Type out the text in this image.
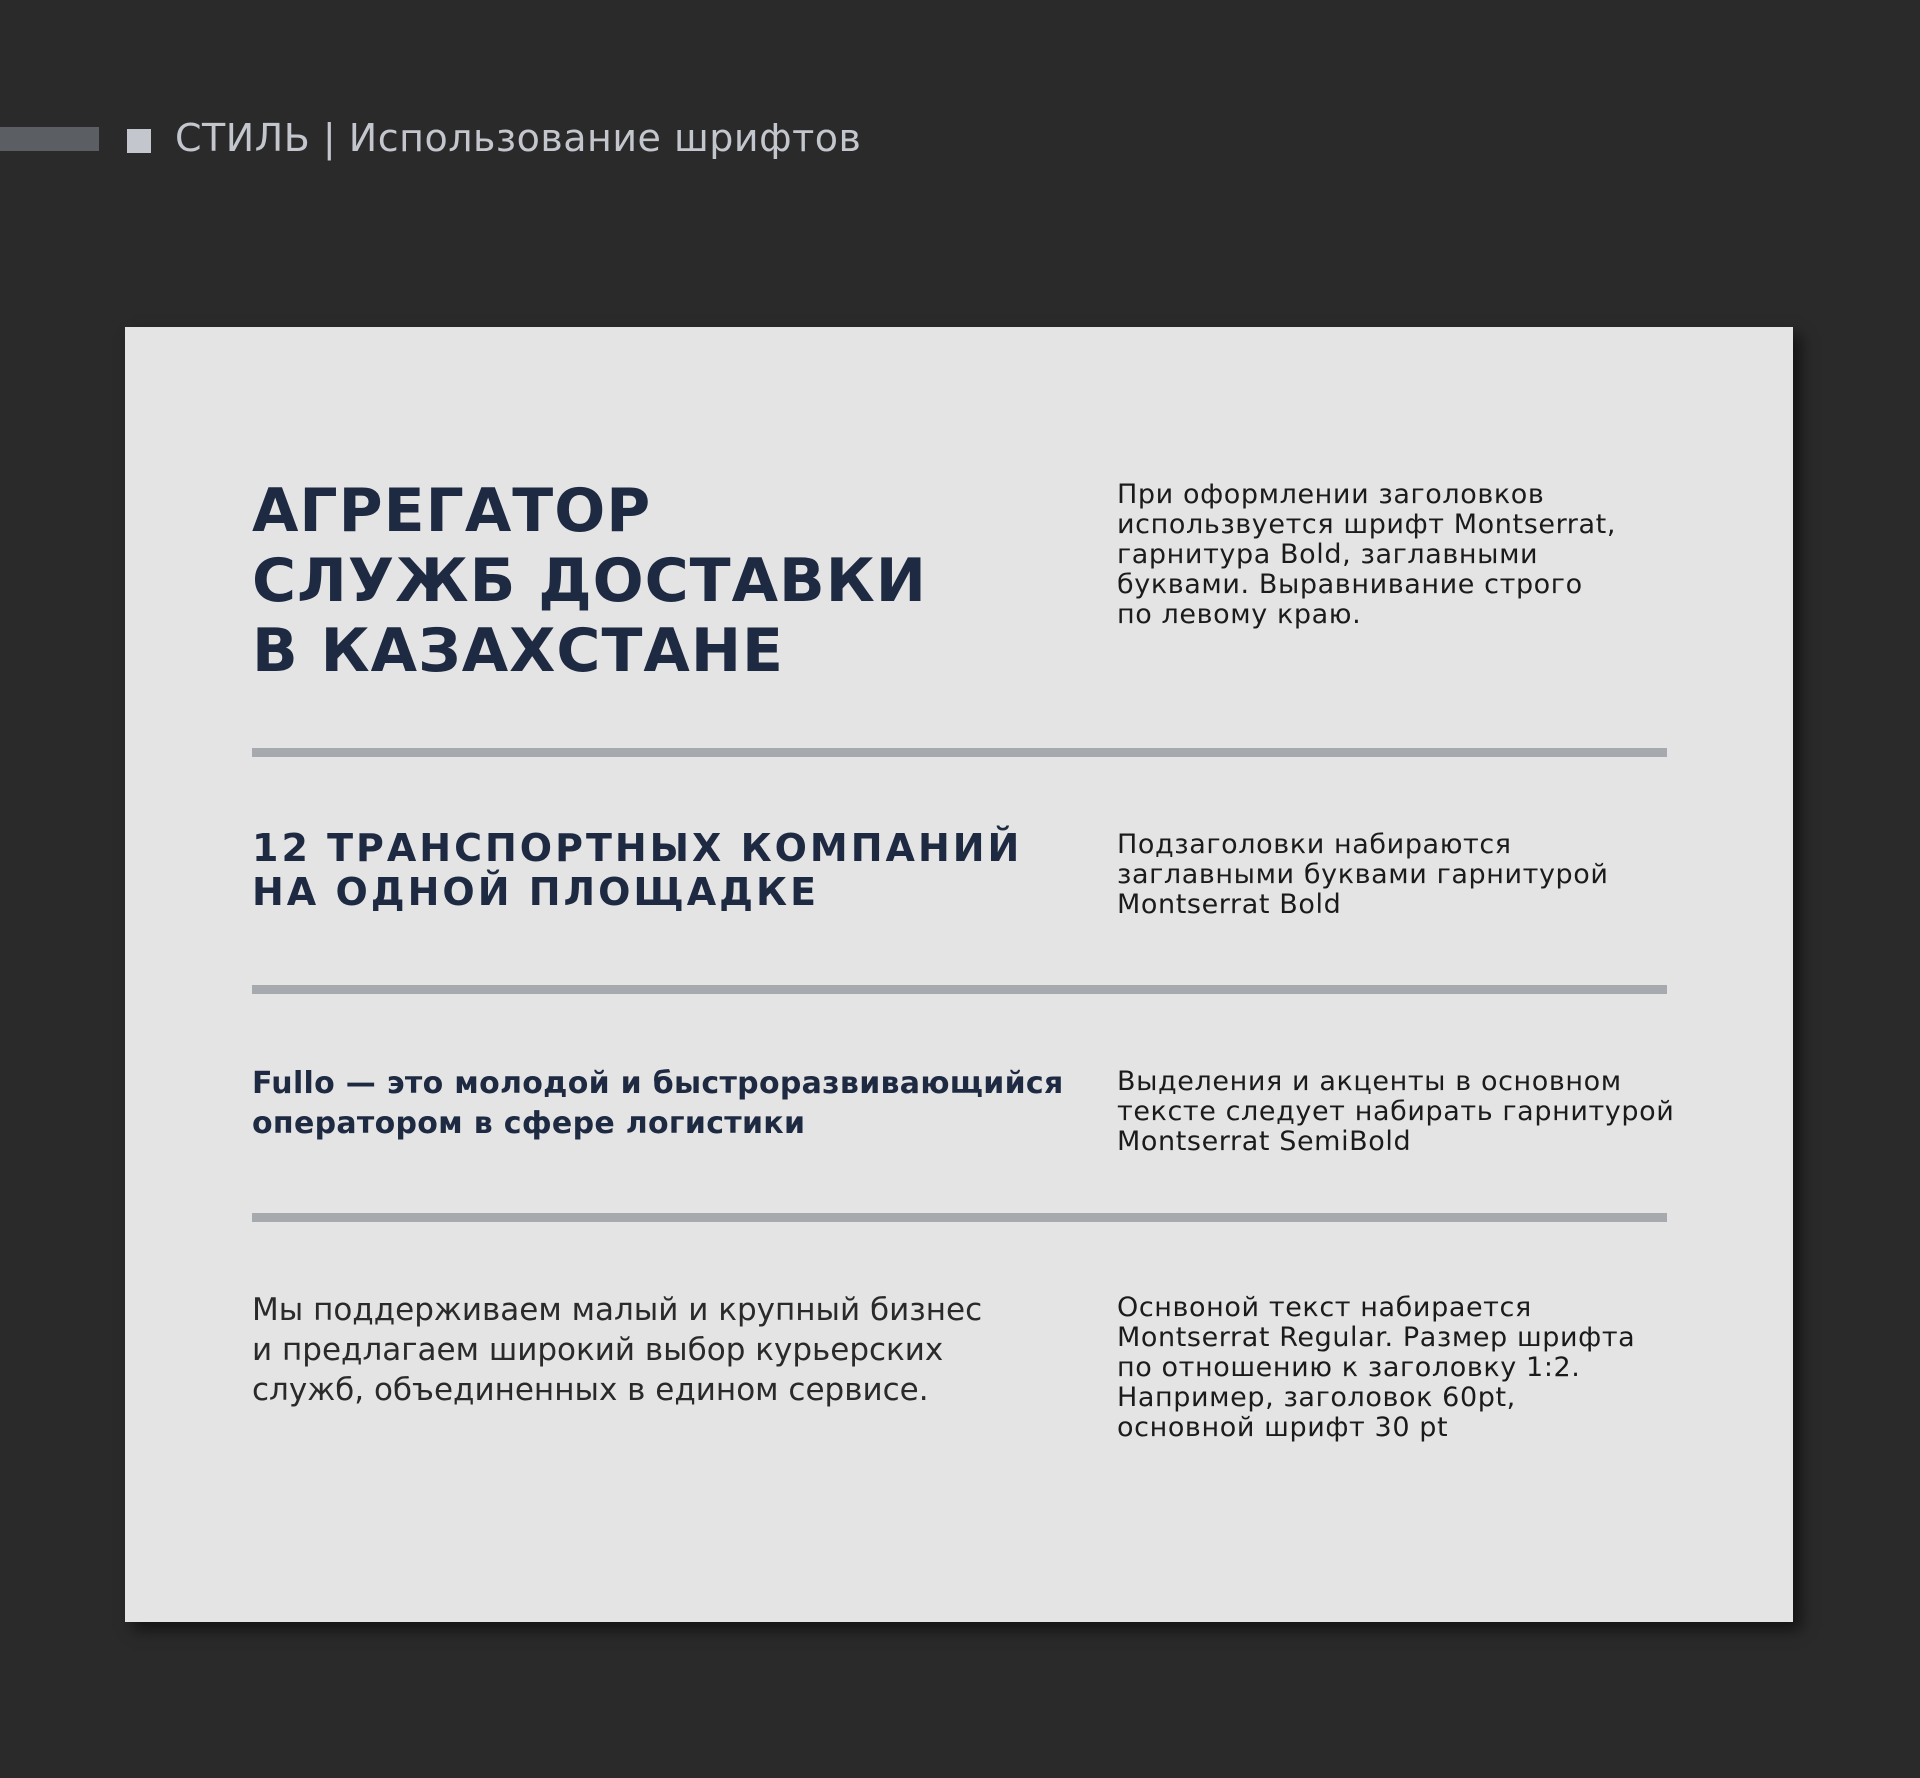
СТИЛЬ | Использование шрифтов
АГРЕГАТОР
СЛУЖБ ДОСТАВКИ
В КАЗАХСТАНЕ
При оформлении заголовков
использвуется шрифт Montserrat,
гарнитура Bold, заглавными
буквами. Выравнивание строго
по левому краю.
12 ТРАНСПОРТНЫХ КОМПАНИЙ
НА ОДНОЙ ПЛОЩАДКЕ
Подзаголовки набираются
заглавными буквами гарнитурой
Montserrat Bold
Fullo — это молодой и быстроразвивающийся
оператором в сфере логистики
Выделения и акценты в основном
тексте следует набирать гарнитурой
Montserrat SemiBold
Мы поддерживаем малый и крупный бизнес
и предлагаем широкий выбор курьерских
служб, объединенных в едином сервисе.
Оснвоной текст набирается
Montserrat Regular. Размер шрифта
по отношению к заголовку 1:2.
Например, заголовок 60pt,
основной шрифт 30 pt
